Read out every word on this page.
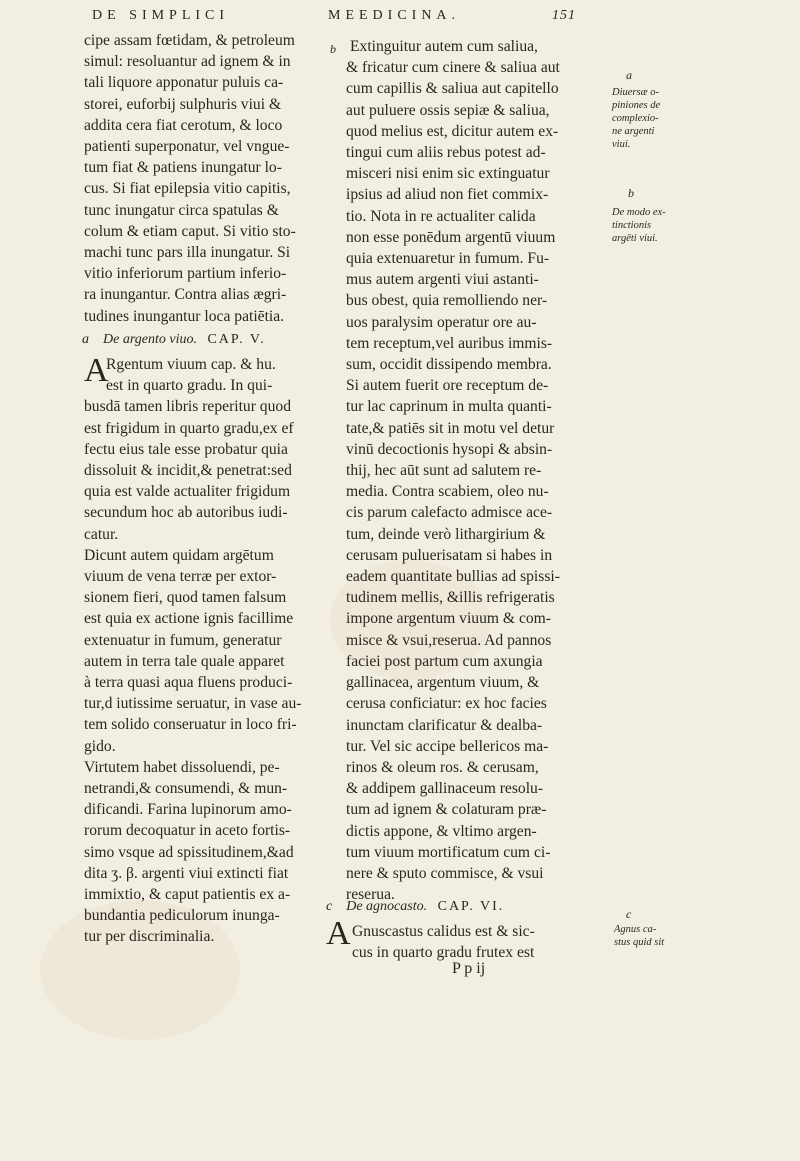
DE SIMPLICI	MEEDICINA.	151
cipe assam fœtidam, & petroleum
simul: resoluantur ad ignem & in
tali liquore apponatur puluis ca-
storei, euforbij sulphuris viui &
addita cera fiat cerotum, & loco
patienti superponatur, vel vngue-
tum fiat & patiens inungatur lo-
cus. Si fiat epilepsia vitio capitis,
tunc inungatur circa spatulas &
colum & etiam caput. Si vitio sto-
machi tunc pars illa inungatur. Si
vitio inferiorum partium inferio-
ra inungantur. Contra alias ægri-
tudines inungantur loca patiētia.
a De argento viuo. CAP. V.
Rgentum viuum cap. & hu.
est in quarto gradu. In qui-
busdā tamen libris reperitur quod
est frigidum in quarto gradu,ex ef
fectu eius tale esse probatur quia
dissoluit & incidit,& penetrat:sed
quia est valde actualiter frigidum
secundum hoc ab autoribus iudi-
catur.
Dicunt autem quidam argētum
viuum de vena terræ per extor-
sionem fieri, quod tamen falsum
est quia ex actione ignis facillime
extenuatur in fumum, generatur
autem in terra tale quale apparet
à terra quasi aqua fluens produci-
tur,d iutissime seruatur, in vase au-
tem solido conseruatur in loco fri-
gido.
Virtutem habet dissoluendi, pe-
netrandi,& consumendi, & mun-
dificandi. Farina lupinorum amo-
rorum decoquatur in aceto fortis-
simo vsque ad spissitudinem,&ad
dita ʒ. β. argenti viui extincti fiat
immixtio, & caput patientis ex a-
bundantia pediculorum inunga-
tur per discriminalia.
A
b Extinguitur autem cum saliua,
& fricatur cum cinere & saliua aut
cum capillis & saliua aut capitello
aut puluere ossis sepiæ & saliua,
quod melius est, dicitur autem ex-
tingui cum aliis rebus potest ad-
misceri nisi enim sic extinguatur
ipsius ad aliud non fiet commix-
tio. Nota in re actualiter calida
non esse ponēdum argentū viuum
quia extenuaretur in fumum. Fu-
mus autem argenti viui astanti-
bus obest, quia remolliendo ner-
uos paralysim operatur ore au-
tem receptum,vel auribus immis-
sum, occidit dissipendo membra.
Si autem fuerit ore receptum de-
tur lac caprinum in multa quanti-
tate,& patiēs sit in motu vel detur
vinū decoctionis hysopi & absin-
thij, hec aūt sunt ad salutem re-
media. Contra scabiem, oleo nu-
cis parum calefacto admisce ace-
tum, deinde verò lithargirium &
cerusam puluerisatam si habes in
eadem quantitate bullias ad spissi-
tudinem mellis, &illis refrigeratis
impone argentum viuum & com-
misce & vsui,reserua. Ad pannos
faciei post partum cum axungia
gallinacea, argentum viuum, &
cerusa conficiatur: ex hoc facies
inunctam clarificatur & dealba-
tur. Vel sic accipe bellericos ma-
rinos & oleum ros. & cerusam,
& addipem gallinaceum resolu-
tum ad ignem & colaturam præ-
dictis appone, & vltimo argen-
tum viuum mortificatum cum ci-
nere & sputo commisce, & vsui
reserua.
c De agnocasto. CAP. VI.
A Gnuscastus calidus est & sic-
cus in quarto gradu frutex est
P p ij
a
Diuersæ o-
piniones de
complexio-
ne argenti
viui.
b
De modo ex-
tinctionis
argēti viui.
c
Agnus ca-
stus quid sit
